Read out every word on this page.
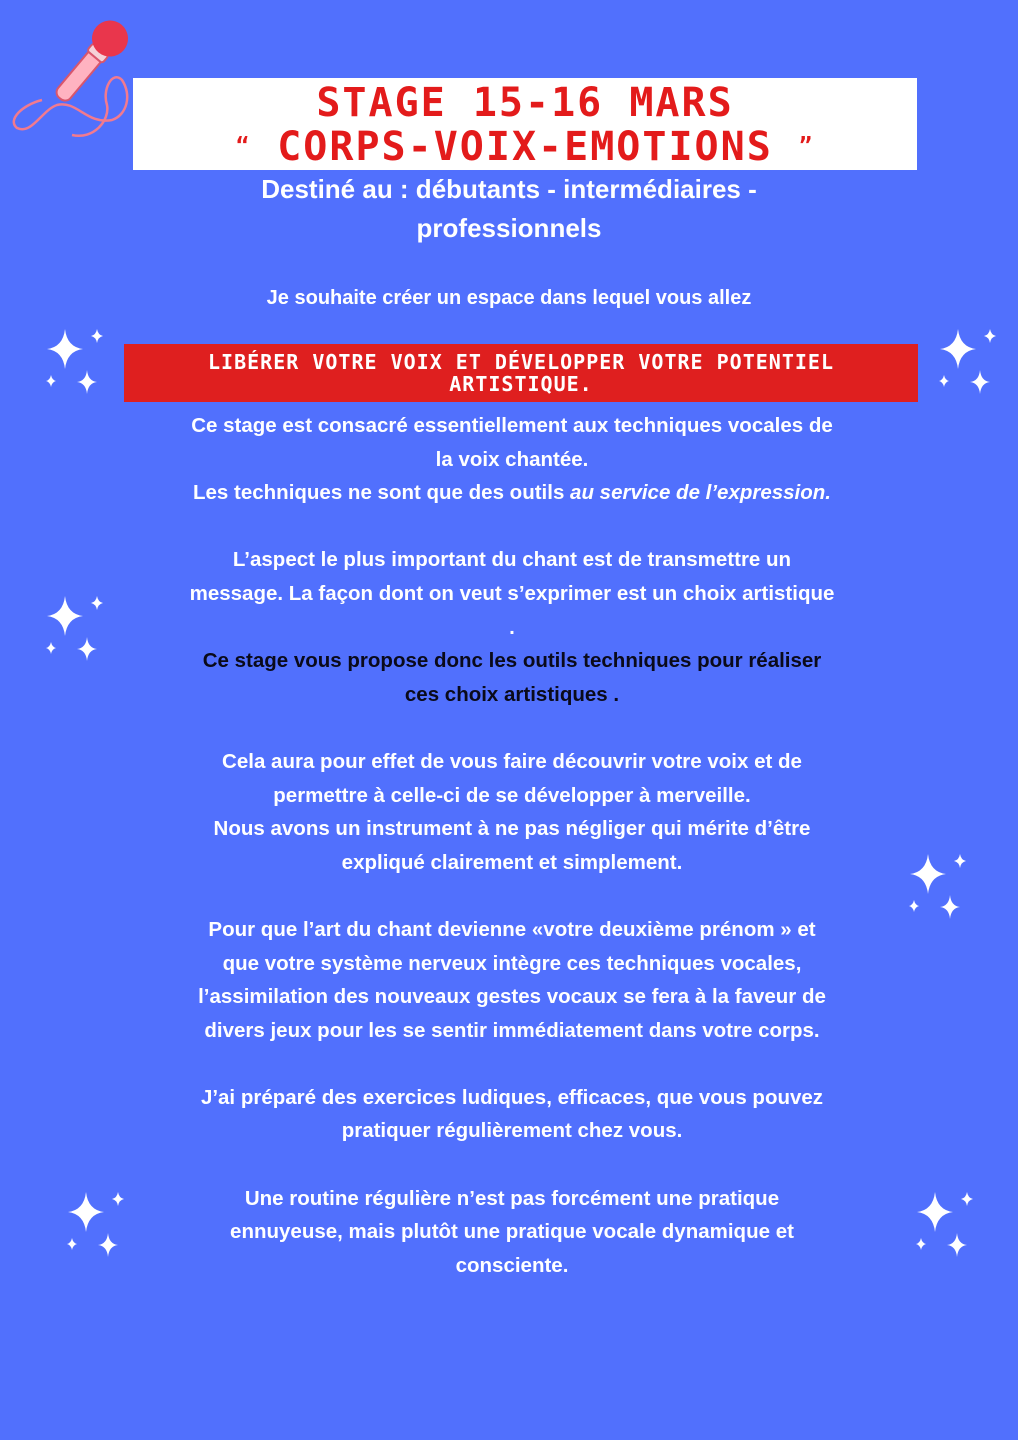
STAGE 15-16 MARS
“ CORPS-VOIX-EMOTIONS ”
Destiné au : débutants - intermédiaires -
professionnels
Je souhaite créer un espace dans lequel vous allez
LIBÉRER VOTRE VOIX ET DÉVELOPPER VOTRE POTENTIEL
ARTISTIQUE.

Ce stage est consacré essentiellement aux techniques vocales de

la voix chantée.

Les techniques ne sont que des outils au service de l’expression.

L’aspect le plus important du chant est de transmettre un

message. La façon dont on veut s’exprimer est un choix artistique

.

Ce stage vous propose donc les outils techniques pour réaliser

ces choix artistiques .

Cela aura pour effet de vous faire découvrir votre voix et de

permettre à celle-ci de se développer à merveille.

Nous avons un instrument à ne pas négliger qui mérite d’être

expliqué clairement et simplement.

Pour que l’art du chant devienne «votre deuxième prénom » et

que votre système nerveux intègre ces techniques vocales,

l’assimilation des nouveaux gestes vocaux se fera à la faveur de

divers jeux pour les se sentir immédiatement dans votre corps.

J’ai préparé des exercices ludiques, efficaces, que vous pouvez

pratiquer régulièrement chez vous.

Une routine régulière n’est pas forcément une pratique

ennuyeuse, mais plutôt une pratique vocale dynamique et

consciente.
